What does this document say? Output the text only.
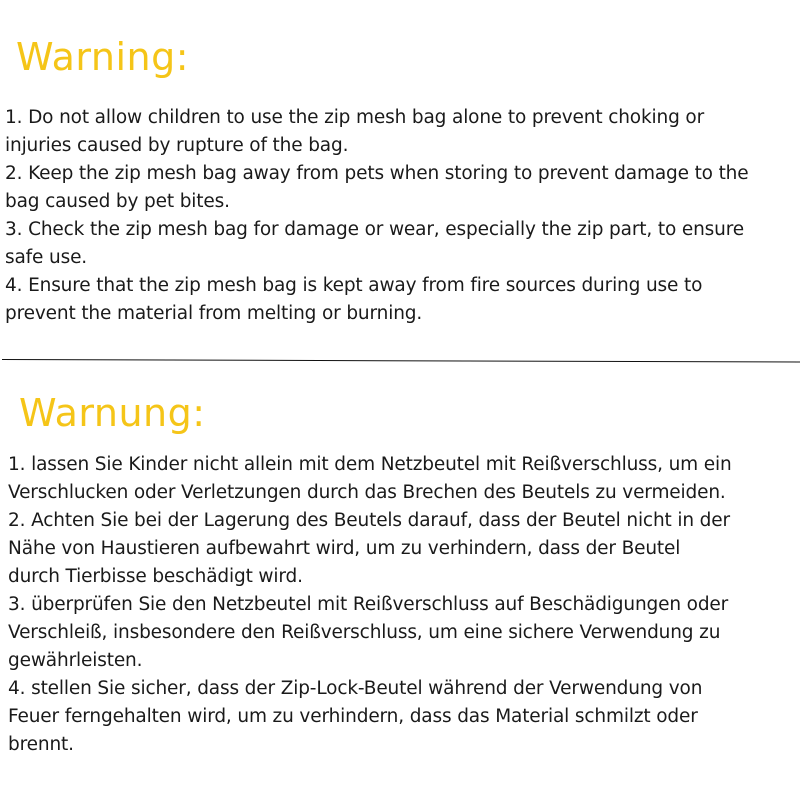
Warning:
1. Do not allow children to use the zip mesh bag alone to prevent choking or
injuries caused by rupture of the bag.
2. Keep the zip mesh bag away from pets when storing to prevent damage to the
bag caused by pet bites.
3. Check the zip mesh bag for damage or wear, especially the zip part, to ensure
safe use.
4. Ensure that the zip mesh bag is kept away from fire sources during use to
prevent the material from melting or burning.
Warnung:
1. lassen Sie Kinder nicht allein mit dem Netzbeutel mit Reißverschluss, um ein
Verschlucken oder Verletzungen durch das Brechen des Beutels zu vermeiden.
2. Achten Sie bei der Lagerung des Beutels darauf, dass der Beutel nicht in der
Nähe von Haustieren aufbewahrt wird, um zu verhindern, dass der Beutel
durch Tierbisse beschädigt wird.
3. überprüfen Sie den Netzbeutel mit Reißverschluss auf Beschädigungen oder
Verschleiß, insbesondere den Reißverschluss, um eine sichere Verwendung zu
gewährleisten.
4. stellen Sie sicher, dass der Zip-Lock-Beutel während der Verwendung von
Feuer ferngehalten wird, um zu verhindern, dass das Material schmilzt oder
brennt.
